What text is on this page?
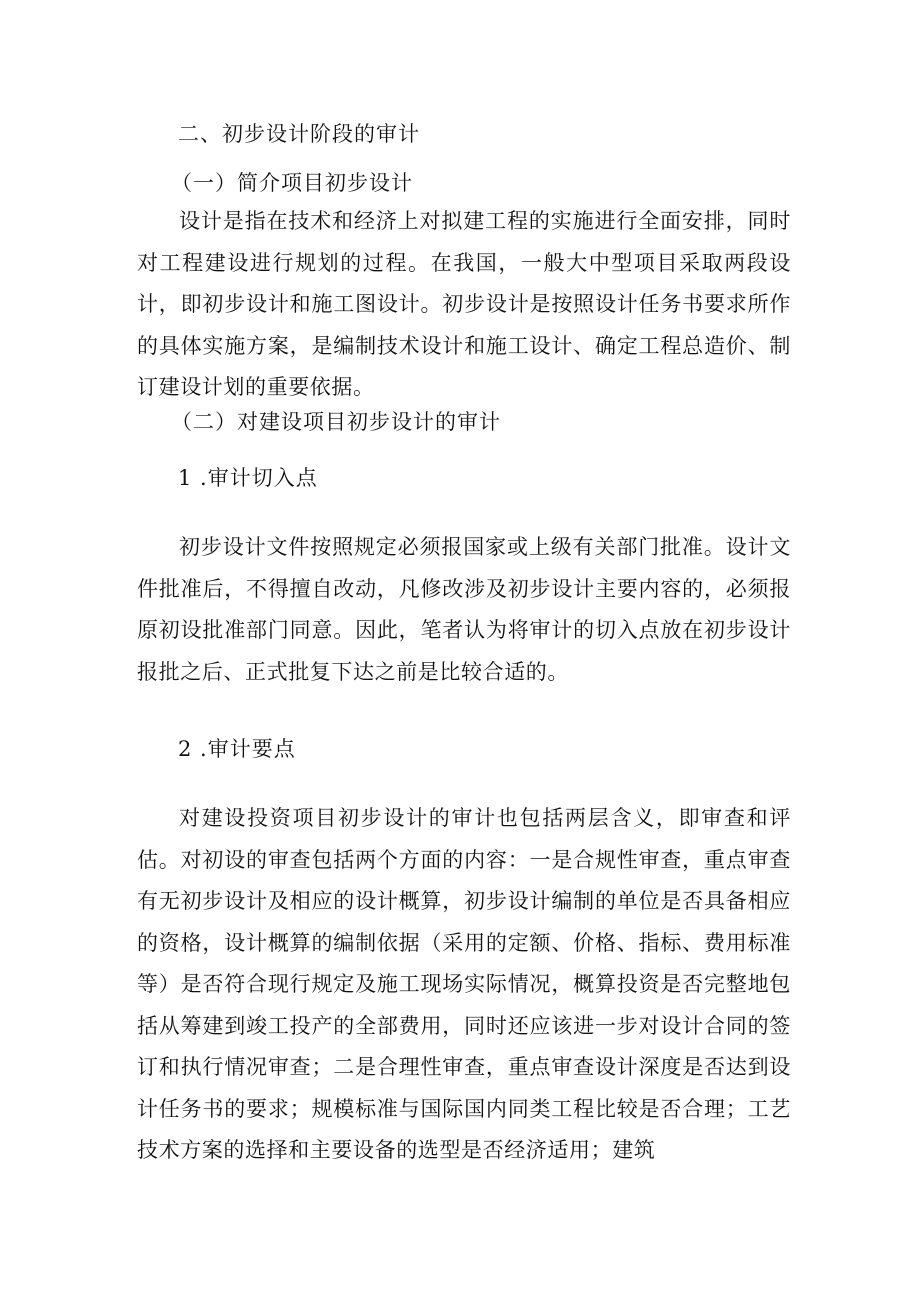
二、初步设计阶段的审计
（一）简介项目初步设计
设计是指在技术和经济上对拟建工程的实施进行全面安排，同时对工程建设进行规划的过程。在我国，一般大中型项目采取两段设计，即初步设计和施工图设计。初步设计是按照设计任务书要求所作的具体实施方案，是编制技术设计和施工设计、确定工程总造价、制订建设计划的重要依据。
（二）对建设项目初步设计的审计
1 .审计切入点
初步设计文件按照规定必须报国家或上级有关部门批准。设计文件批准后，不得擅自改动，凡修改涉及初步设计主要内容的，必须报原初设批准部门同意。因此，笔者认为将审计的切入点放在初步设计报批之后、正式批复下达之前是比较合适的。
2 .审计要点
对建设投资项目初步设计的审计也包括两层含义，即审查和评估。对初设的审查包括两个方面的内容：一是合规性审查，重点审查有无初步设计及相应的设计概算，初步设计编制的单位是否具备相应的资格，设计概算的编制依据（采用的定额、价格、指标、费用标准等）是否符合现行规定及施工现场实际情况，概算投资是否完整地包括从筹建到竣工投产的全部费用，同时还应该进一步对设计合同的签订和执行情况审查；二是合理性审查，重点审查设计深度是否达到设计任务书的要求；规模标准与国际国内同类工程比较是否合理；工艺技术方案的选择和主要设备的选型是否经济适用；建筑
